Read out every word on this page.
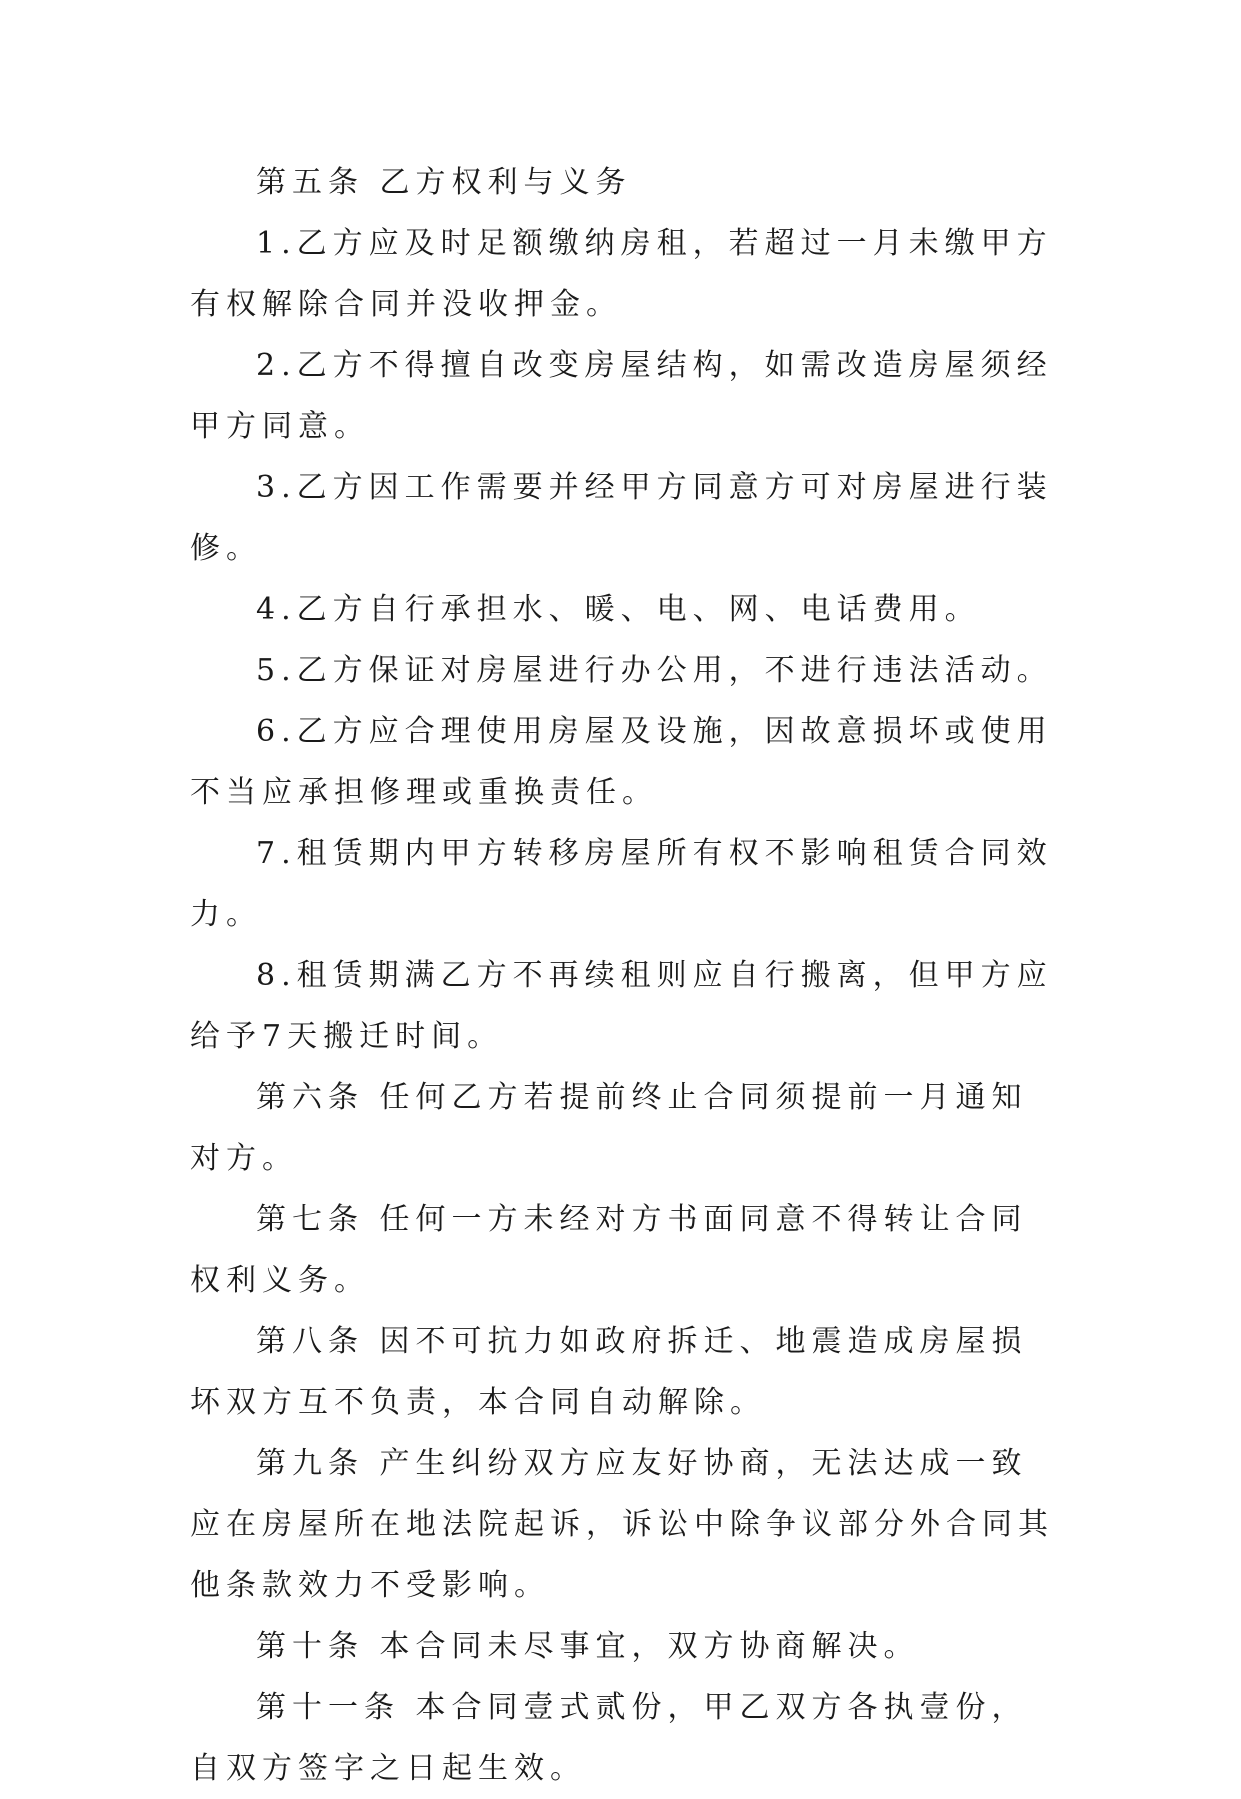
第五条 乙方权利与义务

1.乙方应及时足额缴纳房租，若超过一月未缴甲方有权解除合同并没收押金。

2.乙方不得擅自改变房屋结构，如需改造房屋须经甲方同意。

3.乙方因工作需要并经甲方同意方可对房屋进行装修。

4.乙方自行承担水、暖、电、网、电话费用。

5.乙方保证对房屋进行办公用，不进行违法活动。

6.乙方应合理使用房屋及设施，因故意损坏或使用不当应承担修理或重换责任。

7.租赁期内甲方转移房屋所有权不影响租赁合同效力。

8.租赁期满乙方不再续租则应自行搬离，但甲方应给予7天搬迁时间。

第六条 任何乙方若提前终止合同须提前一月通知对方。

第七条 任何一方未经对方书面同意不得转让合同权利义务。

第八条 因不可抗力如政府拆迁、地震造成房屋损坏双方互不负责，本合同自动解除。

第九条 产生纠纷双方应友好协商，无法达成一致应在房屋所在地法院起诉，诉讼中除争议部分外合同其他条款效力不受影响。

第十条 本合同未尽事宜，双方协商解决。

第十一条 本合同壹式贰份，甲乙双方各执壹份，自双方签字之日起生效。
